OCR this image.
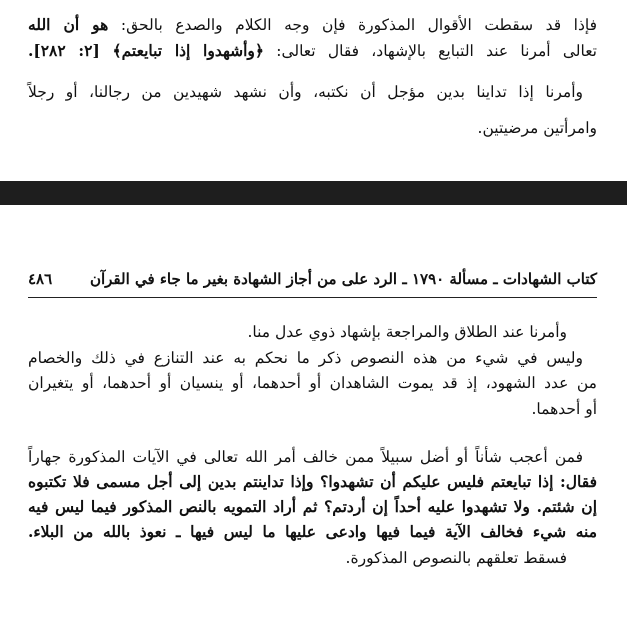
فإذا قد سقطت الأقوال المذكورة فإن وجه الكلام والصدع بالحق: هو أن الله
تعالى أمرنا عند التبايع بالإشهاد، فقال تعالى: ﴿وأشهدوا إذا تبايعتم﴾ [٢: ٢٨٢].
وأمرنا إذا تداينا بدين مؤجل أن نكتبه، وأن نشهد شهيدين من رجالنا، أو رجلاً
وامرأتين مرضيتين.
كتاب الشهادات ـ مسألة ١٧٩٠ ـ الرد على من أجاز الشهادة بغير ما جاء في القرآن
٤٨٦
وأمرنا عند الطلاق والمراجعة بإشهاد ذوي عدل منا.
وليس في شيء من هذه النصوص ذكر ما نحكم به عند التنازع في ذلك والخصام
من عدد الشهود، إذ قد يموت الشاهدان أو أحدهما، أو ينسيان أو أحدهما، أو يتغيران
أو أحدهما.
فمن أعجب شأناً أو أضل سبيلاً ممن خالف أمر الله تعالى في الآيات المذكورة جهاراً
فقال: إذا تبايعتم فليس عليكم أن تشهدوا؟ وإذا تداينتم بدين إلى أجل مسمى فلا تكتبوه
إن شئتم. ولا تشهدوا عليه أحداً إن أردتم؟ ثم أراد التمويه بالنص المذكور فيما ليس فيه
منه شيء فخالف الآية فيما فيها وادعى عليها ما ليس فيها ـ نعوذ بالله من البلاء.
فسقط تعلقهم بالنصوص المذكورة.
